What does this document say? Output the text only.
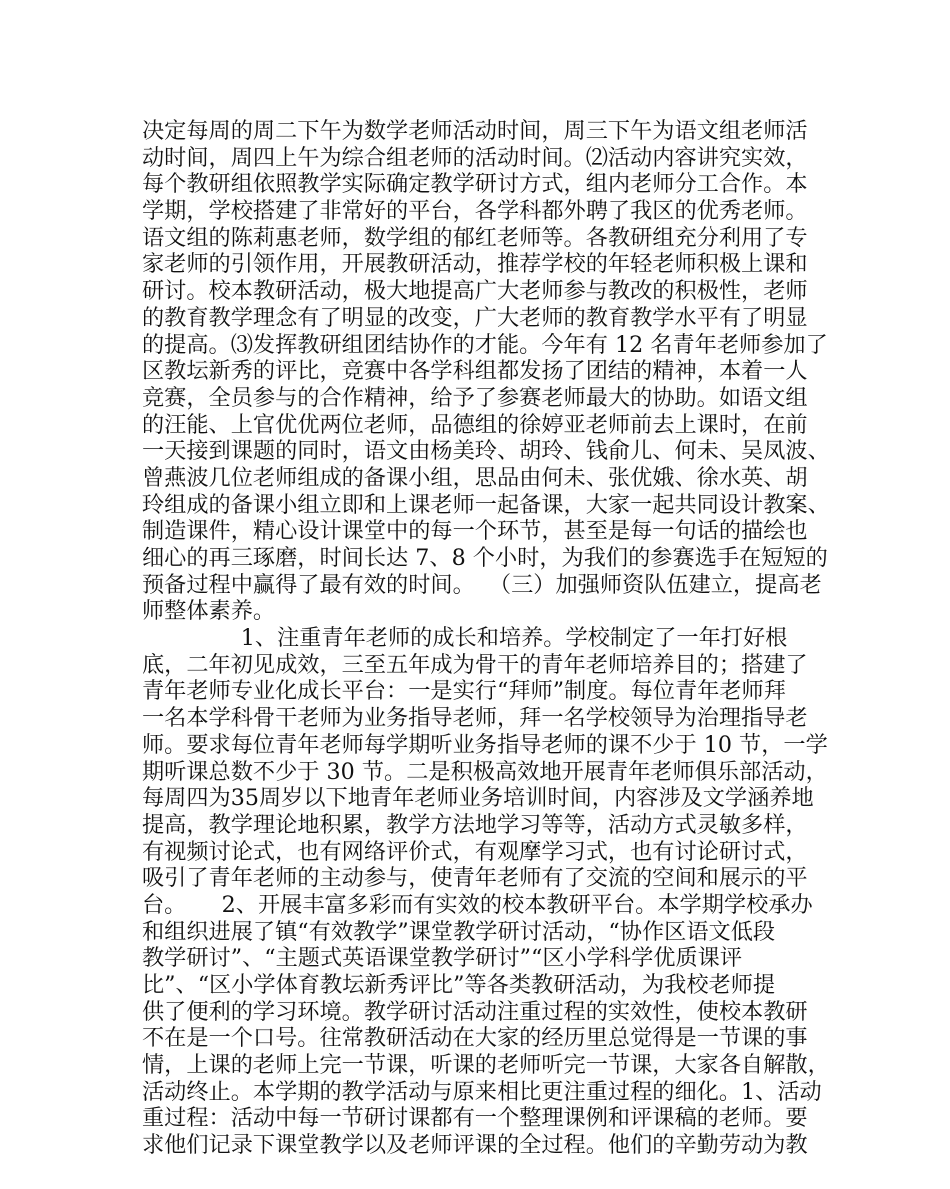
决定每周的周二下午为数学老师活动时间，周三下午为语文组老师活
动时间，周四上午为综合组老师的活动时间。⑵活动内容讲究实效，
每个教研组依照教学实际确定教学研讨方式，组内老师分工合作。本
学期，学校搭建了非常好的平台，各学科都外聘了我区的优秀老师。
语文组的陈莉惠老师，数学组的郁红老师等。各教研组充分利用了专
家老师的引领作用，开展教研活动，推荐学校的年轻老师积极上课和
研讨。校本教研活动，极大地提高广大老师参与教改的积极性，老师
的教育教学理念有了明显的改变，广大老师的教育教学水平有了明显
的提高。⑶发挥教研组团结协作的才能。今年有 12 名青年老师参加了
区教坛新秀的评比，竞赛中各学科组都发扬了团结的精神，本着一人
竞赛，全员参与的合作精神，给予了参赛老师最大的协助。如语文组
的汪能、上官优优两位老师，品德组的徐婷亚老师前去上课时，在前
一天接到课题的同时，语文由杨美玲、胡玲、钱俞儿、何未、吴凤波、
曾燕波几位老师组成的备课小组，思品由何未、张优娥、徐水英、胡
玲组成的备课小组立即和上课老师一起备课，大家一起共同设计教案、
制造课件，精心设计课堂中的每一个环节，甚至是每一句话的描绘也
细心的再三琢磨，时间长达 7、8 个小时，为我们的参赛选手在短短的
预备过程中赢得了最有效的时间。  （三）加强师资队伍建立，提高老
师整体素养。
1、注重青年老师的成长和培养。学校制定了一年打好根
底，二年初见成效，三至五年成为骨干的青年老师培养目的；搭建了
青年老师专业化成长平台：一是实行“拜师”制度。每位青年老师拜
一名本学科骨干老师为业务指导老师，拜一名学校领导为治理指导老
师。要求每位青年老师每学期听业务指导老师的课不少于 10 节，一学
期听课总数不少于 30 节。二是积极高效地开展青年老师俱乐部活动，
每周四为35周岁以下地青年老师业务培训时间，内容涉及文学涵养地
提高，教学理论地积累，教学方法地学习等等，活动方式灵敏多样，
有视频讨论式，也有网络评价式，有观摩学习式，也有讨论研讨式，
吸引了青年老师的主动参与，使青年老师有了交流的空间和展示的平
台。     2、开展丰富多彩而有实效的校本教研平台。本学期学校承办
和组织进展了镇“有效教学”课堂教学研讨活动，“协作区语文低段
教学研讨”、“主题式英语课堂教学研讨”“区小学科学优质课评
比”、“区小学体育教坛新秀评比”等各类教研活动，为我校老师提
供了便利的学习环境。教学研讨活动注重过程的实效性，使校本教研
不在是一个口号。往常教研活动在大家的经历里总觉得是一节课的事
情，上课的老师上完一节课，听课的老师听完一节课，大家各自解散，
活动终止。本学期的教学活动与原来相比更注重过程的细化。1、活动
重过程：活动中每一节研讨课都有一个整理课例和评课稿的老师。要
求他们记录下课堂教学以及老师评课的全过程。他们的辛勤劳动为教
